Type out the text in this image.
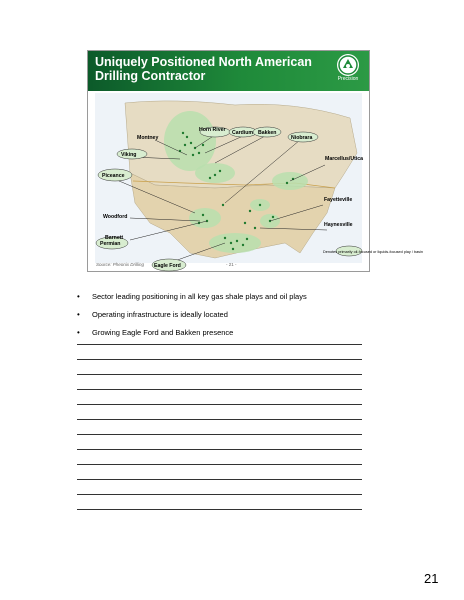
Uniquely Positioned North American Drilling Contractor	Precision
Horn River
Montney
Cardium Bakken
Niobrara
Viking
Piceance
Marcellus/Utica
Woodford
Fayetteville
Barnett
Haynesville
Permian
Eagle Ford
Denotes primarily oil-focused or liquids-focused play / basin
Source: Pheonix Drilling	- 21 -
• Sector leading positioning in all key gas shale plays and oil plays
• Operating infrastructure is ideally located
• Growing Eagle Ford and Bakken presence
21
